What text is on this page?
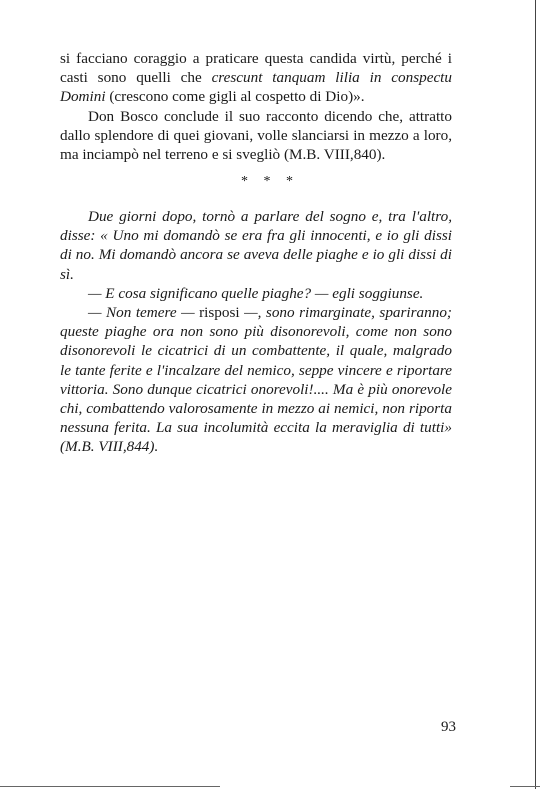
si facciano coraggio a praticare questa candida virtù, perché i casti sono quelli che crescunt tanquam lilia in conspectu Domini (crescono come gigli al cospetto di Dio)».

Don Bosco conclude il suo racconto dicendo che, attratto dallo splendore di quei giovani, volle slanciarsi in mezzo a loro, ma inciampò nel terreno e si svegliò (M.B. VIII,840).

* * *

Due giorni dopo, tornò a parlare del sogno e, tra l'altro, disse: « Uno mi domandò se era fra gli innocenti, e io gli dissi di no. Mi domandò ancora se aveva delle piaghe e io gli dissi di sì.

— E cosa significano quelle piaghe? — egli soggiunse.

— Non temere — risposi —, sono rimarginate, spariranno; queste piaghe ora non sono più disonorevoli, come non sono disonorevoli le cicatrici di un combattente, il quale, malgrado le tante ferite e l'incalzare del nemico, seppe vincere e riportare vittoria. Sono dunque cicatrici onorevoli!.... Ma è più onorevole chi, combattendo valorosamente in mezzo ai nemici, non riporta nessuna ferita. La sua incolumità eccita la meraviglia di tutti» (M.B. VIII,844).

93
